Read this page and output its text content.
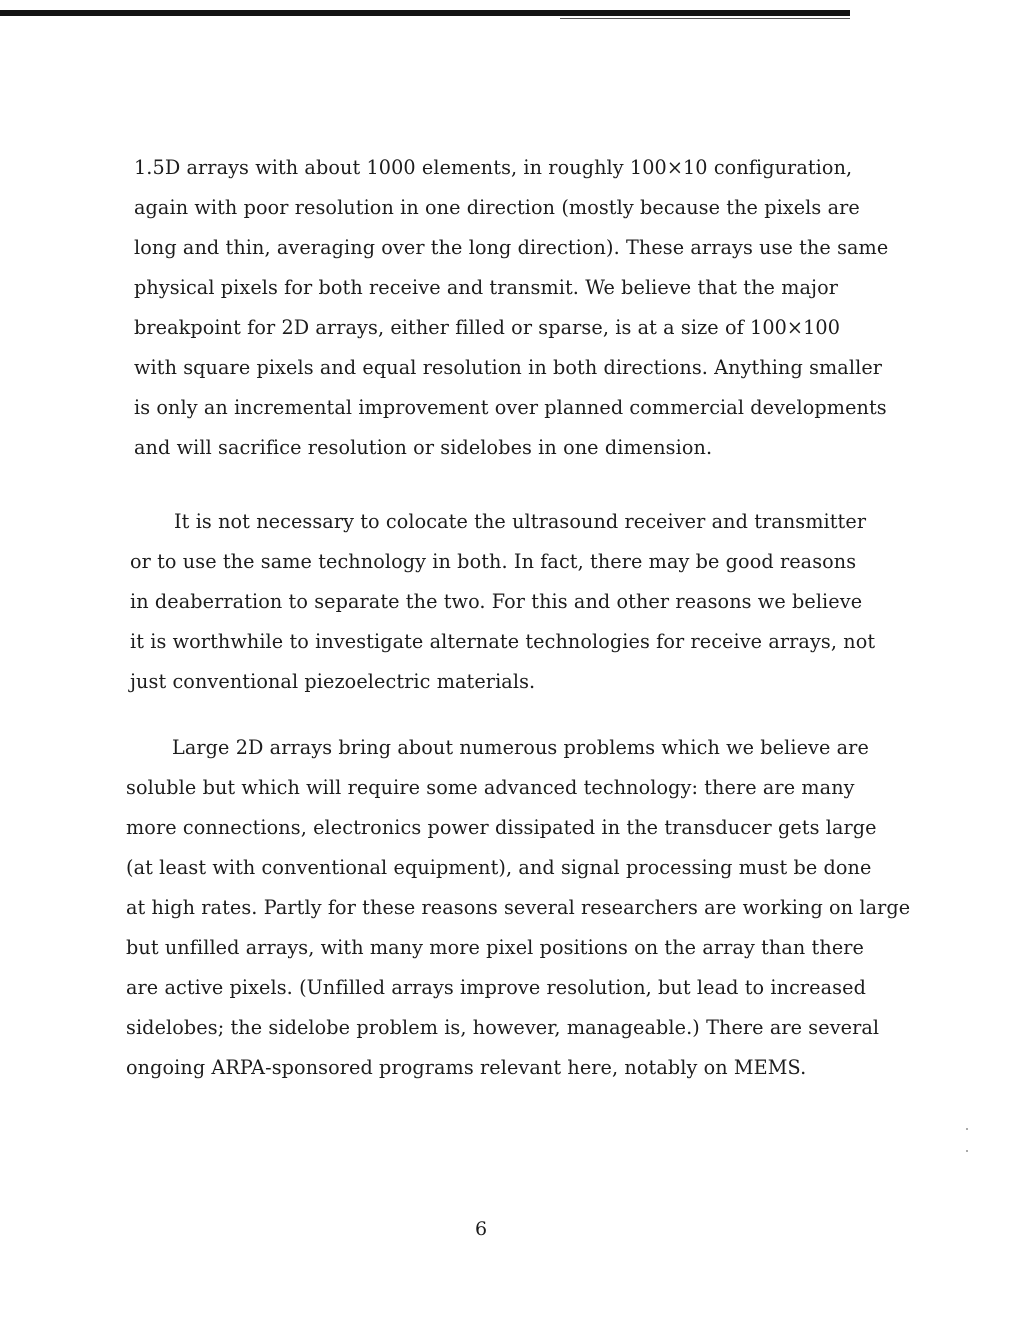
1.5D arrays with about 1000 elements, in roughly 100×10 configuration,
again with poor resolution in one direction (mostly because the pixels are
long and thin, averaging over the long direction). These arrays use the same
physical pixels for both receive and transmit. We believe that the major
breakpoint for 2D arrays, either filled or sparse, is at a size of 100×100
with square pixels and equal resolution in both directions. Anything smaller
is only an incremental improvement over planned commercial developments
and will sacrifice resolution or sidelobes in one dimension.

It is not necessary to colocate the ultrasound receiver and transmitter
or to use the same technology in both. In fact, there may be good reasons
in deaberration to separate the two. For this and other reasons we believe
it is worthwhile to investigate alternate technologies for receive arrays, not
just conventional piezoelectric materials.

Large 2D arrays bring about numerous problems which we believe are
soluble but which will require some advanced technology: there are many
more connections, electronics power dissipated in the transducer gets large
(at least with conventional equipment), and signal processing must be done
at high rates. Partly for these reasons several researchers are working on large
but unfilled arrays, with many more pixel positions on the array than there
are active pixels. (Unfilled arrays improve resolution, but lead to increased
sidelobes; the sidelobe problem is, however, manageable.) There are several
ongoing ARPA-sponsored programs relevant here, notably on MEMS.

6
